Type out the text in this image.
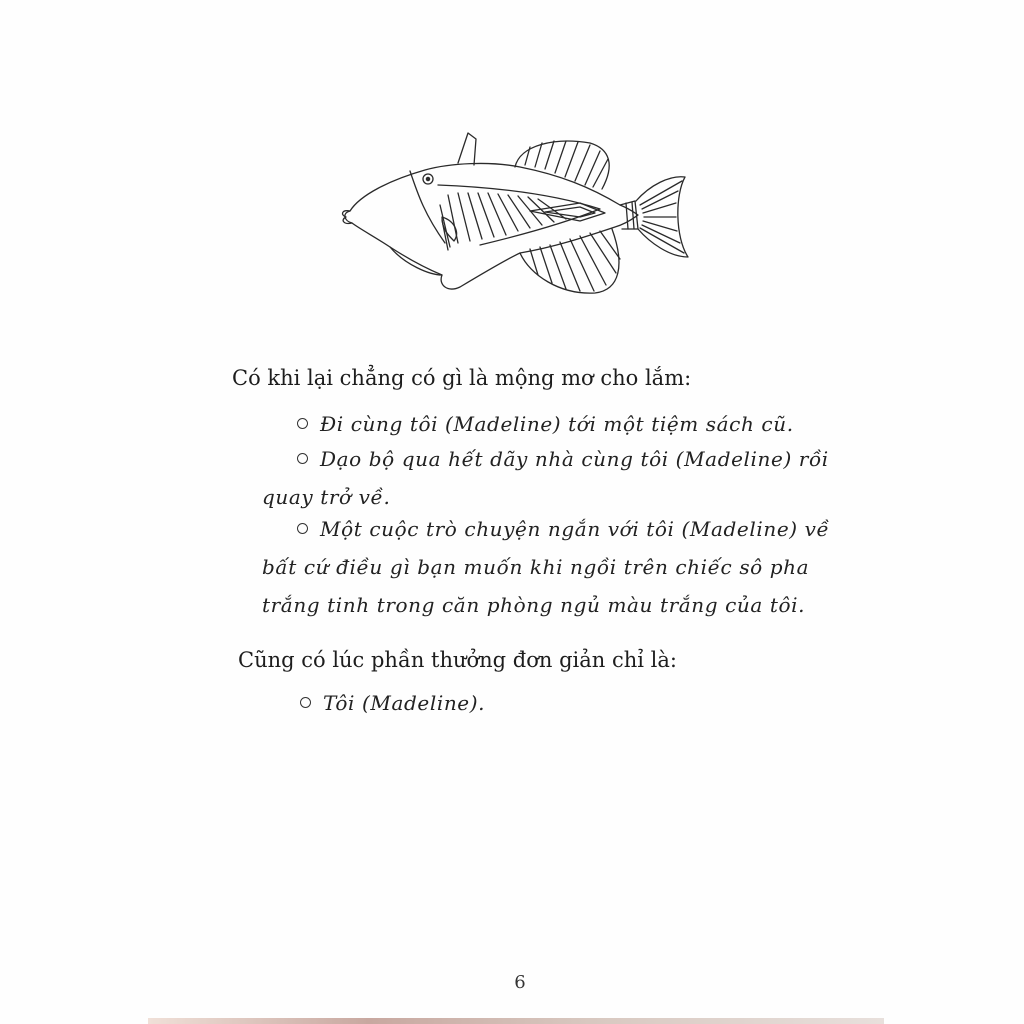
Có khi lại chẳng có gì là mộng mơ cho lắm:

Đi cùng tôi (Madeline) tới một tiệm sách cũ.

Dạo bộ qua hết dãy nhà cùng tôi (Madeline) rồi quay trở về.

Một cuộc trò chuyện ngắn với tôi (Madeline) về bất cứ điều gì bạn muốn khi ngồi trên chiếc sô pha trắng tinh trong căn phòng ngủ màu trắng của tôi.

Cũng có lúc phần thưởng đơn giản chỉ là:

Tôi (Madeline).

6
